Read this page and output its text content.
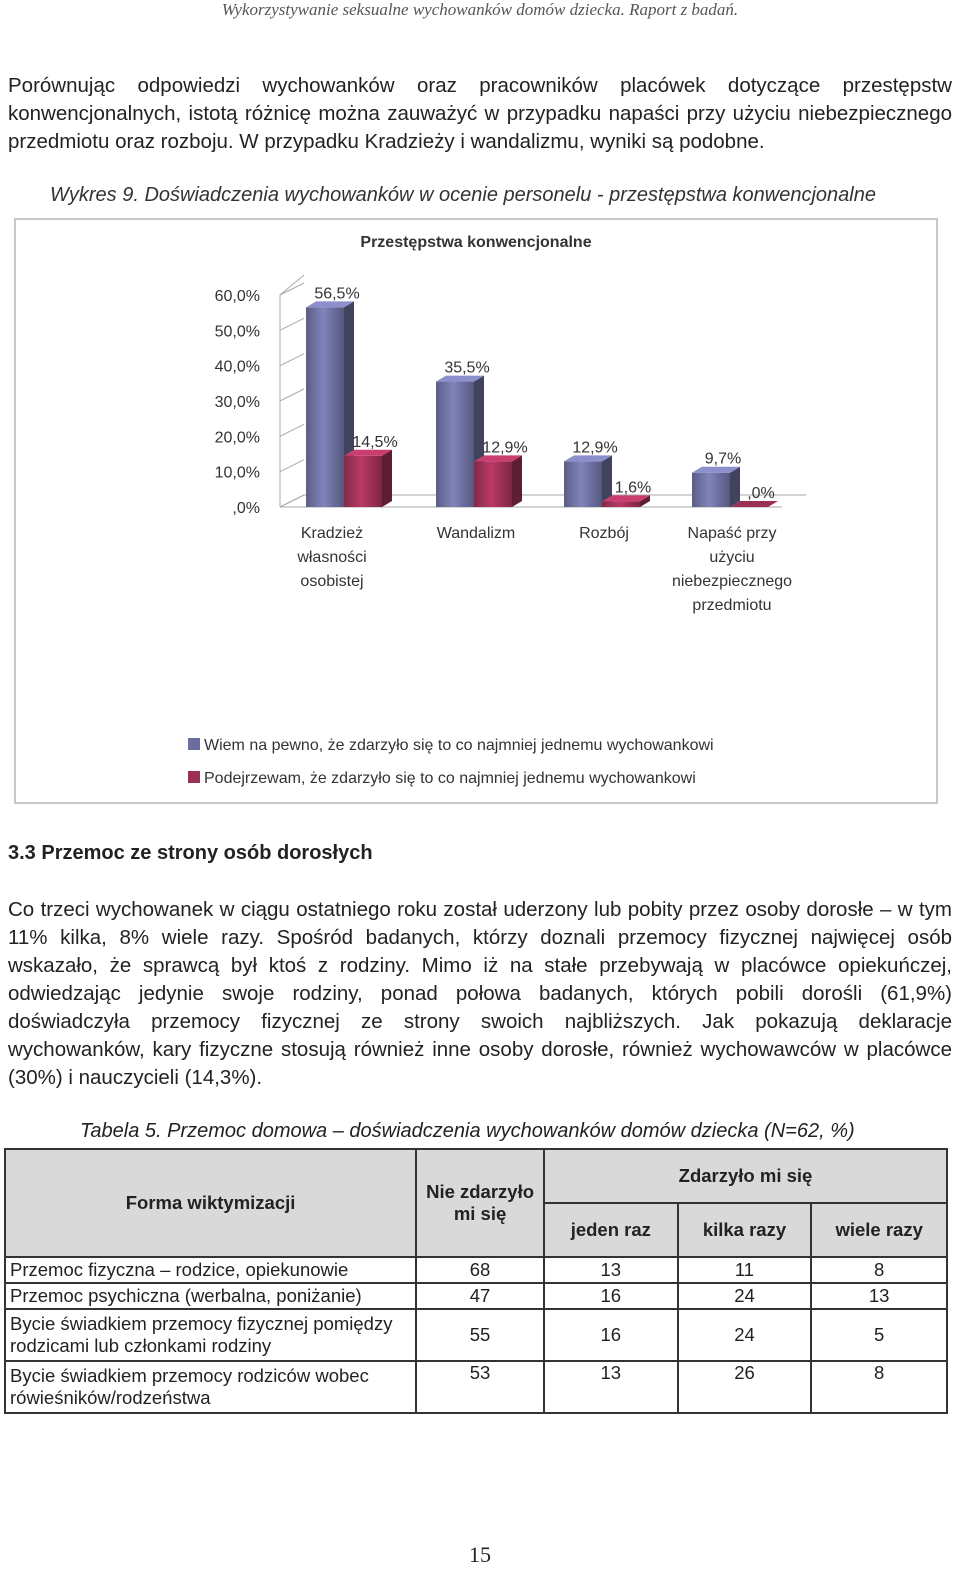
Wykorzystywanie seksualne wychowanków domów dziecka. Raport z badań.

Porównując odpowiedzi wychowanków oraz pracowników placówek dotyczące przestępstw konwencjonalnych, istotą różnicę można zauważyć w przypadku napaści przy użyciu niebezpiecznego przedmiotu oraz rozboju. W przypadku Kradzieży i wandalizmu, wyniki są podobne.

Wykres 9. Doświadczenia wychowanków w ocenie personelu - przestępstwa konwencjonalne
Przestępstwa konwencjonalne
60,0%
50,0%
40,0%
30,0%
20,0%
10,0%
,0%
56,5%
35,5%
12,9%
9,7%
14,5%	12,9%
1,6%	,0%
Kradzież
własności
osobistej
Wandalizm	Rozbój	Napaść przy
użyciu
niebezpiecznego
przedmiotu
Wiem na pewno, że zdarzyło się to co najmniej jednemu wychowankowi
Podejrzewam, że zdarzyło się to co najmniej jednemu wychowankowi
3.3 Przemoc ze strony osób dorosłych

Co trzeci wychowanek w ciągu ostatniego roku został uderzony lub pobity przez osoby dorosłe – w tym 11% kilka, 8% wiele razy. Spośród badanych, którzy doznali przemocy fizycznej najwięcej osób wskazało, że sprawcą był ktoś z rodziny. Mimo iż na stałe przebywają w placówce opiekuńczej, odwiedzając jedynie swoje rodziny, ponad połowa badanych, których pobili dorośli (61,9%) doświadczyła przemocy fizycznej ze strony swoich najbliższych. Jak pokazują deklaracje wychowanków, kary fizyczne stosują również inne osoby dorosłe, również wychowawców w placówce (30%) i nauczycieli (14,3%).

Tabela 5. Przemoc domowa – doświadczenia wychowanków domów dziecka (N=62, %)
Forma wiktymizacji	Nie zdarzyło mi się	Zdarzyło mi się		
		jeden raz	kilka razy	wiele razy
Przemoc fizyczna – rodzice, opiekunowie	68	13	11	8
Przemoc psychiczna (werbalna, poniżanie)	47	16	24	13
Bycie świadkiem przemocy fizycznej pomiędzy rodzicami lub członkami rodziny	55	16	24	5
Bycie świadkiem przemocy rodziców wobec rówieśników/rodzeństwa	53	13	26	8
15
